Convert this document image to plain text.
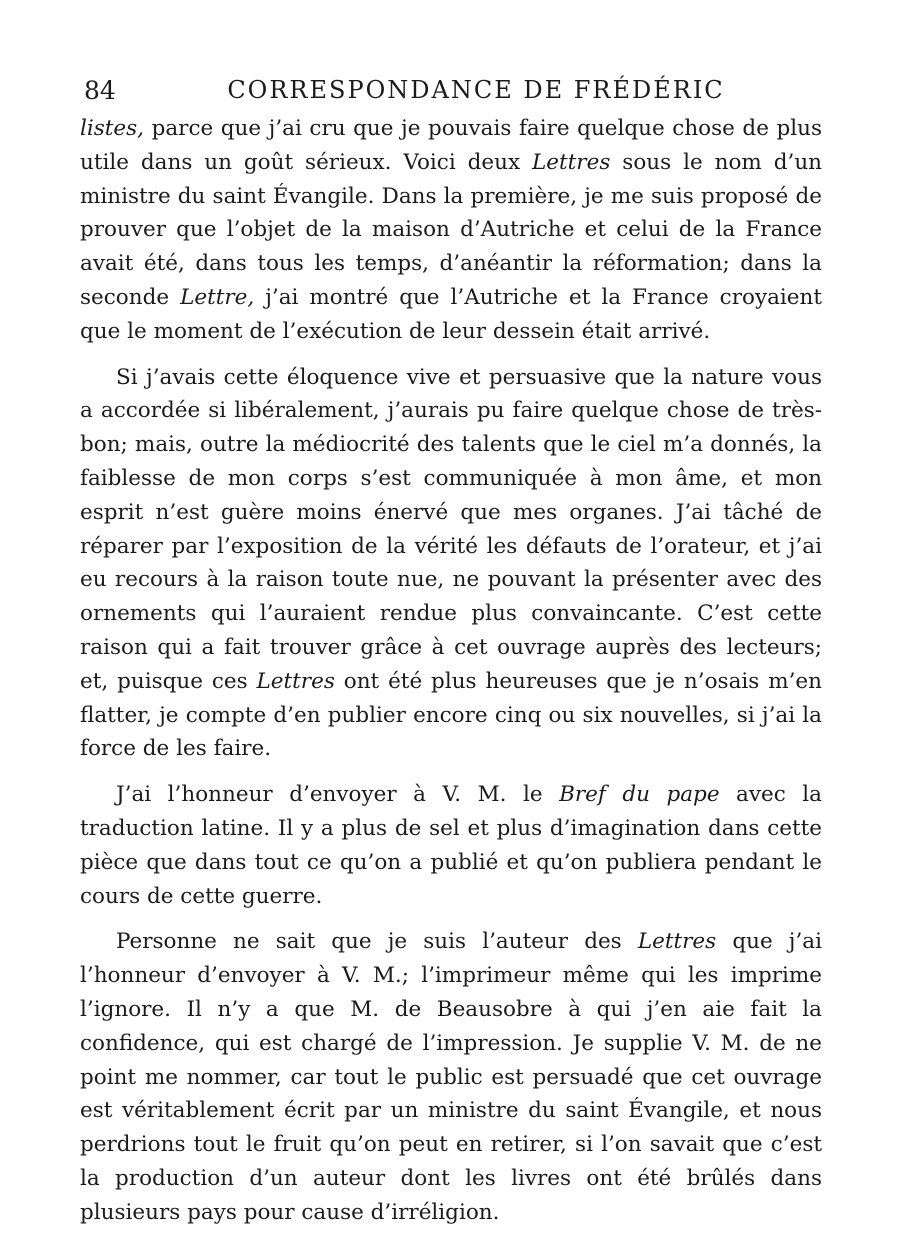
84	CORRESPONDANCE DE FRÉDÉRIC

listes, parce que j’ai cru que je pouvais faire quelque chose de plus utile dans un goût sérieux. Voici deux Lettres sous le nom d’un ministre du saint Évangile. Dans la première, je me suis proposé de prouver que l’objet de la maison d’Autriche et celui de la France avait été, dans tous les temps, d’anéantir la réformation; dans la seconde Lettre, j’ai montré que l’Autriche et la France croyaient que le moment de l’exécution de leur dessein était arrivé.

Si j’avais cette éloquence vive et persuasive que la nature vous a accordée si libéralement, j’aurais pu faire quelque chose de très-bon; mais, outre la médiocrité des talents que le ciel m’a donnés, la faiblesse de mon corps s’est communiquée à mon âme, et mon esprit n’est guère moins énervé que mes organes. J’ai tâché de réparer par l’exposition de la vérité les défauts de l’orateur, et j’ai eu recours à la raison toute nue, ne pouvant la présenter avec des ornements qui l’auraient rendue plus convaincante. C’est cette raison qui a fait trouver grâce à cet ouvrage auprès des lecteurs; et, puisque ces Lettres ont été plus heureuses que je n’osais m’en flatter, je compte d’en publier encore cinq ou six nouvelles, si j’ai la force de les faire.

J’ai l’honneur d’envoyer à V. M. le Bref du pape avec la traduction latine. Il y a plus de sel et plus d’imagination dans cette pièce que dans tout ce qu’on a publié et qu’on publiera pendant le cours de cette guerre.

Personne ne sait que je suis l’auteur des Lettres que j’ai l’honneur d’envoyer à V. M.; l’imprimeur même qui les imprime l’ignore. Il n’y a que M. de Beausobre à qui j’en aie fait la confidence, qui est chargé de l’impression. Je supplie V. M. de ne point me nommer, car tout le public est persuadé que cet ouvrage est véritablement écrit par un ministre du saint Évangile, et nous perdrions tout le fruit qu’on peut en retirer, si l’on savait que c’est la production d’un auteur dont les livres ont été brûlés dans plusieurs pays pour cause d’irréligion.
